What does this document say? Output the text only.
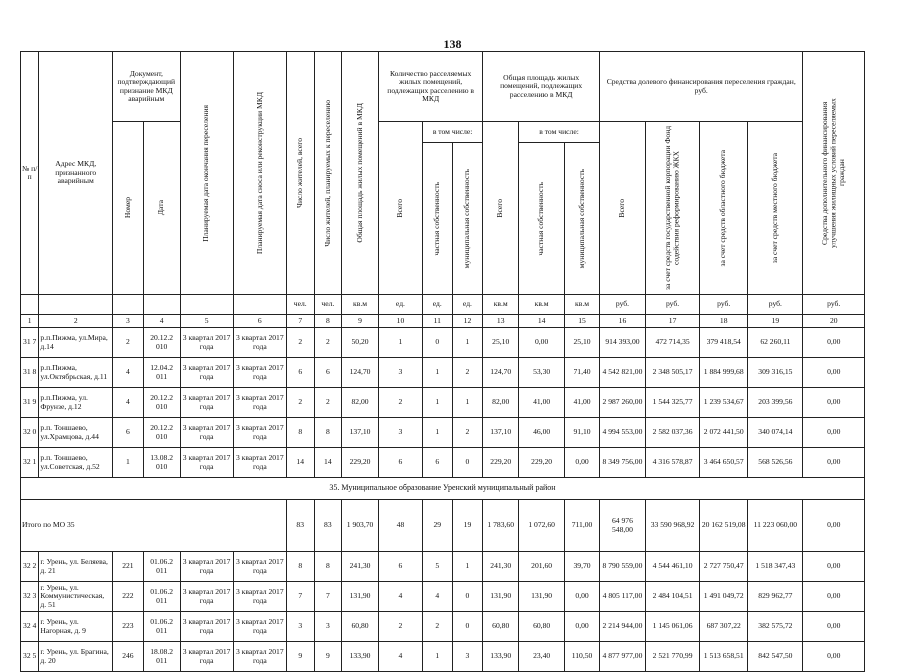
138
№ п/ п	Адрес МКД, признанного аварийным	Документ, подтверждающий признание МКД аварийным		Планируемая дата окончания переселения	Планируемая дата сноса или реконструкции МКД	Число жителей, всего	Число жителей, планируемых к переселению	Общая площадь жилых помещений в МКД	Количество расселяемых жилых помещений, подлежащих расселению в МКД			Общая площадь жилых помещений, подлежащих расселению в МКД			Средства долевого финансирования переселения граждан, руб.				Средства дополнительного финансирования улучшения жилищных условий переселяемых граждан

		Номер	Дата						Всего	в том числе:		Всего	в том числе:		Всего	за счет средств государственной корпорации Фонд содействия реформированию ЖКХ	за счет средств областного бюджета	за счет средств местного бюджета	

										частная собственность	муниципальная собственность		частная собственность	муниципальная собственность					

						чел.	чел.	кв.м	ед.	ед.	ед.	кв.м	кв.м	кв.м	руб.	руб.	руб.	руб.	руб.
1	2	3	4	5	6	7	8	9	10	11	12	13	14	15	16	17	18	19	20
31 7	р.п.Пижма, ул.Мира, д.14	2	20.12.2 010	3 квартал 2017 года	3 квартал 2017 года	2	2	50,20	1	0	1	25,10	0,00	25,10	914 393,00	472 714,35	379 418,54	62 260,11	0,00
31 8	р.п.Пижма, ул.Октябрьская, д.11	4	12.04.2 011	3 квартал 2017 года	3 квартал 2017 года	6	6	124,70	3	1	2	124,70	53,30	71,40	4 542 821,00	2 348 505,17	1 884 999,68	309 316,15	0,00
31 9	р.п.Пижма, ул. Фрунзе, д.12	4	20.12.2 010	3 квартал 2017 года	3 квартал 2017 года	2	2	82,00	2	1	1	82,00	41,00	41,00	2 987 260,00	1 544 325,77	1 239 534,67	203 399,56	0,00
32 0	р.п. Тоншаево, ул.Храмцова, д.44	6	20.12.2 010	3 квартал 2017 года	3 квартал 2017 года	8	8	137,10	3	1	2	137,10	46,00	91,10	4 994 553,00	2 582 037,36	2 072 441,50	340 074,14	0,00
32 1	р.п. Тоншаево, ул.Советская, д.52	1	13.08.2 010	3 квартал 2017 года	3 квартал 2017 года	14	14	229,20	6	6	0	229,20	229,20	0,00	8 349 756,00	4 316 578,87	3 464 650,57	568 526,56	0,00
35. Муниципальное образование Уренский муниципальный район																			
Итого по МО 35						83	83	1 903,70	48	29	19	1 783,60	1 072,60	711,00	64 976 548,00	33 590 968,92	20 162 519,08	11 223 060,00	0,00
32 2	г. Урень, ул. Беляева, д. 21	221	01.06.2 011	3 квартал 2017 года	3 квартал 2017 года	8	8	241,30	6	5	1	241,30	201,60	39,70	8 790 559,00	4 544 461,10	2 727 750,47	1 518 347,43	0,00
32 3	г. Урень, ул. Коммунистическая, д. 51	222	01.06.2 011	3 квартал 2017 года	3 квартал 2017 года	7	7	131,90	4	4	0	131,90	131,90	0,00	4 805 117,00	2 484 104,51	1 491 049,72	829 962,77	0,00
32 4	г. Урень, ул. Нагорная, д. 9	223	01.06.2 011	3 квартал 2017 года	3 квартал 2017 года	3	3	60,80	2	2	0	60,80	60,80	0,00	2 214 944,00	1 145 061,06	687 307,22	382 575,72	0,00
32 5	г. Урень, ул. Брагина, д. 20	246	18.08.2 011	3 квартал 2017 года	3 квартал 2017 года	9	9	133,90	4	1	3	133,90	23,40	110,50	4 877 977,00	2 521 770,99	1 513 658,51	842 547,50	0,00
